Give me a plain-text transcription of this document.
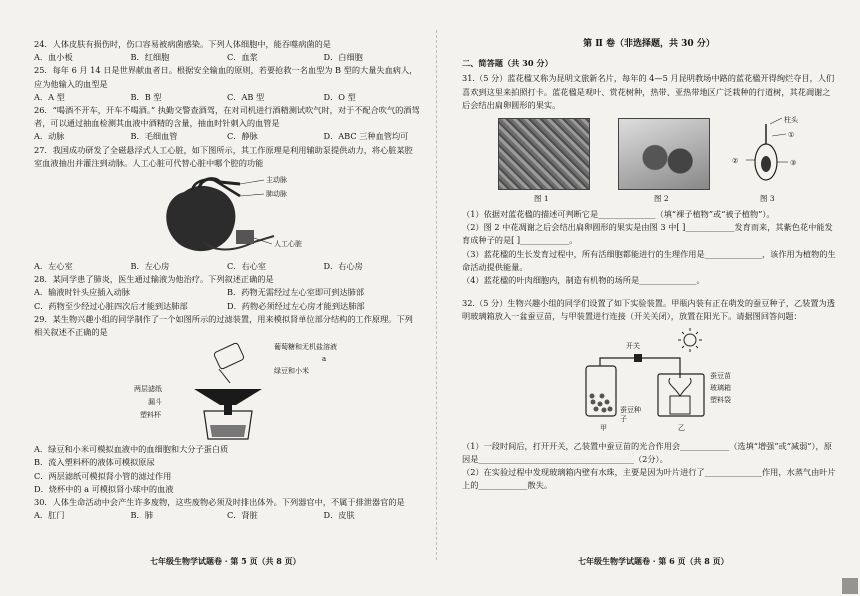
24．人体皮肤有损伤时，伤口容易被病菌感染。下列人体细胞中，能吞噬病菌的是

A．血小板	B．红细胞	C．血浆	D．白细胞

25．每年 6 月 14 日是世界献血者日。根据安全输血的原则，若要抢救一名血型为 B 型的大量失血病人，应为他输入的血型是

A．A 型	B．B 型	C．AB 型	D．O 型

26．“喝酒不开车，开车不喝酒。” 执勤交警查酒驾，在对司机进行酒精测试吹气时，对于不配合吹气的酒驾者，可以通过抽血检测其血液中酒精的含量，抽血时针刺入的血管是

A．动脉	B．毛细血管	C．静脉	D．ABC 三种血管均可

27．我国成功研发了全磁悬浮式人工心脏，如下图所示，其工作原理是利用辅助泵提供动力，将心脏某腔室血液抽出并灌注到动脉。人工心脏可代替心脏中哪个腔的功能

主动脉
肺动脉
人工心脏
A．左心室	B．左心房	C．右心室	D．右心房

28．某同学患了肺炎，医生通过输液为他治疗。下列叙述正确的是

A．输液时针头应插入动脉	B．药物无需经过左心室即可到达肺部
C．药物至少经过心脏四次后才能到达肺部	D．药物必须经过左心房才能到达肺部

29．某生物兴趣小组的同学制作了一个如图所示的过滤装置，用来模拟肾单位部分结构的工作原理。下列相关叙述不正确的是

葡萄糖和无机盐溶液
绿豆和小米
a
两层滤纸
漏斗
塑料杯

A．绿豆和小米可模拟血液中的血细胞和大分子蛋白质

B．流入塑料杯的液体可模拟原尿

C．两层滤纸可模拟肾小管的滤过作用

D．烧杯中的 a 可模拟肾小球中的血液

30．人体生命活动中会产生许多废物，这些废物必须及时排出体外。下列器官中，不属于排泄器官的是

A．肛门	B．肺	C．肾脏	D．皮肤
七年级生物学试题卷 · 第 5 页（共 8 页）
第 Ⅱ 卷（非选择题，共 30 分）
二、简答题（共 30 分）

31.（5 分）蓝花楹又称为昆明文旅新名片，每年的 4—5 月昆明教场中路的蓝花楹开得绚烂夺目，人们喜欢到这里来拍照打卡。蓝花楹是观叶、赏花树种，热带、亚热带地区广泛栽种的行道树，其花凋谢之后会结出扁卵圆形的果实。

柱头
①
②	③
图 1	图 2	图 3

（1）依据对蓝花楹的描述可判断它是______________（填“裸子植物”或“被子植物”）。

（2）图 2 中花凋谢之后会结出扁卵圆形的果实是由图 3 中[ ]____________发育而来，其紫色花中能发育成种子的是[ ]____________。

（3）蓝花楹的生长发育过程中，所有活细胞都能进行的生理作用是______________，该作用为植物的生命活动提供能量。

（4）蓝花楹的叶肉细胞内，制造有机物的场所是______________。

32.（5 分）生物兴趣小组的同学们设置了如下实验装置。甲瓶内装有正在萌发的蚕豆种子，乙装置为透明玻璃箱放入一盆蚕豆苗，与甲装置进行连接（开关关闭），放置在阳光下。请据图回答问题：

开关
蚕豆苗
玻璃箱
塑料袋
蚕豆种子
甲	乙

（1）一段时间后，打开开关，乙装置中蚕豆苗的光合作用会____________（选填“增强”或“减弱”），原因是______________________________________（2分）。

（2）在实验过程中发现玻璃箱内壁有水珠，主要是因为叶片进行了______________作用，水蒸气由叶片上的____________散失。

七年级生物学试题卷 · 第 6 页（共 8 页）
